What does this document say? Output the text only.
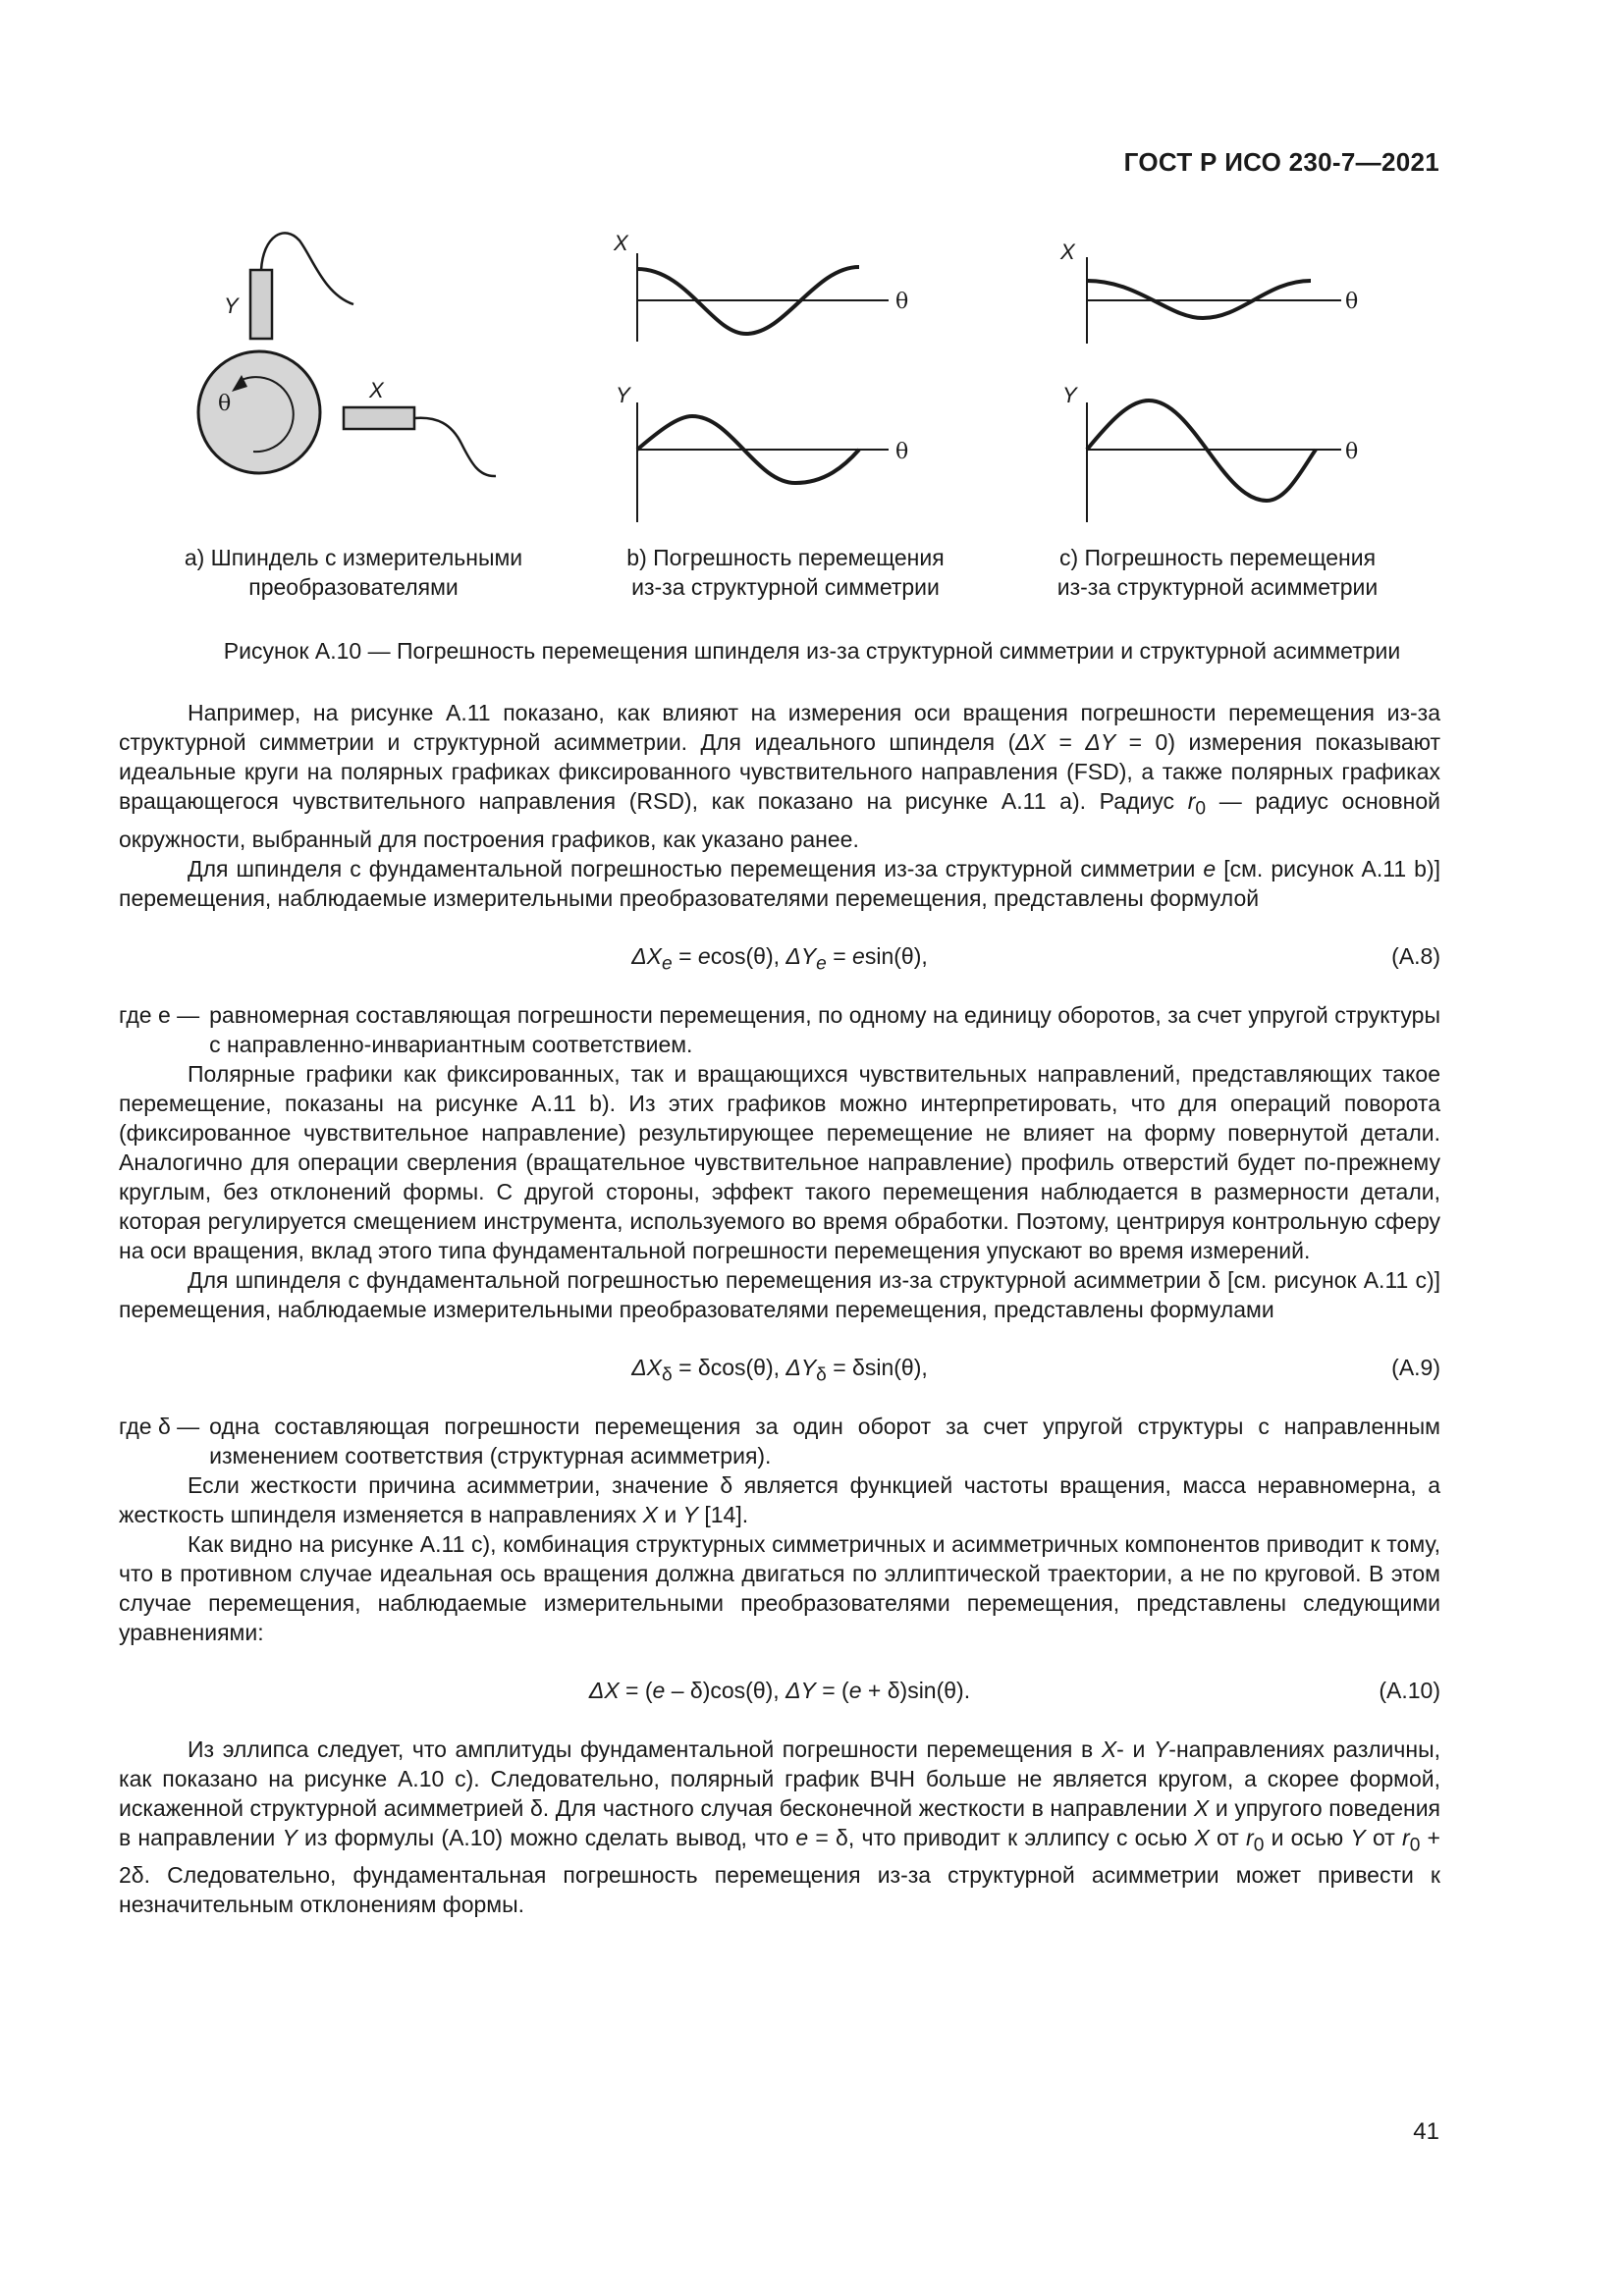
ГОСТ Р ИСО 230-7—2021
Y
X
θ
X
θ
Y
θ
X
θ
Y
θ
а) Шпиндель с измерительными
преобразователями
b) Погрешность перемещения
из-за структурной симметрии
c) Погрешность перемещения
из-за структурной асимметрии
Рисунок А.10 — Погрешность перемещения шпинделя из-за структурной симметрии и структурной асимметрии

Например, на рисунке А.11 показано, как влияют на измерения оси вращения погрешности перемещения из-за структурной симметрии и структурной асимметрии. Для идеального шпинделя (ΔX = ΔY = 0) измерения показывают идеальные круги на полярных графиках фиксированного чувствительного направления (FSD), а также полярных графиках вращающегося чувствительного направления (RSD), как показано на рисунке А.11 а). Радиус $r_0$ — радиус основной окружности, выбранный для построения графиков, как указано ранее.

Для шпинделя с фундаментальной погрешностью перемещения из-за структурной симметрии e [см. рисунок А.11 b)] перемещения, наблюдаемые измерительными преобразователями перемещения, представлены формулой

$\Delta X_e = ecos(\theta)$, $\Delta Y_e = esin(\theta)$,	(А.8)
где e — равномерная составляющая погрешности перемещения, по одному на единицу оборотов, за счет упругой структуры с направленно-инвариантным соответствием.

Полярные графики как фиксированных, так и вращающихся чувствительных направлений, представляющих такое перемещение, показаны на рисунке А.11 b). Из этих графиков можно интерпретировать, что для операций поворота (фиксированное чувствительное направление) результирующее перемещение не влияет на форму повернутой детали. Аналогично для операции сверления (вращательное чувствительное направление) профиль отверстий будет по-прежнему круглым, без отклонений формы. С другой стороны, эффект такого перемещения наблюдается в размерности детали, которая регулируется смещением инструмента, используемого во время обработки. Поэтому, центрируя контрольную сферу на оси вращения, вклад этого типа фундаментальной погрешности перемещения упускают во время измерений.

Для шпинделя с фундаментальной погрешностью перемещения из-за структурной асимметрии δ [см. рисунок А.11 с)] перемещения, наблюдаемые измерительными преобразователями перемещения, представлены формулами

$\Delta X_\delta = \delta\cos(\theta)$, $\Delta Y_\delta = \delta\sin(\theta)$,	(А.9)
где δ — одна составляющая погрешности перемещения за один оборот за счет упругой структуры с направленным изменением соответствия (структурная асимметрия).

Если жесткости причина асимметрии, значение δ является функцией частоты вращения, масса неравномерна, а жесткость шпинделя изменяется в направлениях X и Y [14].

Как видно на рисунке А.11 с), комбинация структурных симметричных и асимметричных компонентов приводит к тому, что в противном случае идеальная ось вращения должна двигаться по эллиптической траектории, а не по круговой. В этом случае перемещения, наблюдаемые измерительными преобразователями перемещения, представлены следующими уравнениями:

ΔX = (e – δ)cos(θ), ΔY = (e + δ)sin(θ).	(А.10)

Из эллипса следует, что амплитуды фундаментальной погрешности перемещения в X- и Y-направлениях различны, как показано на рисунке А.10 с). Следовательно, полярный график ВЧН больше не является кругом, а скорее формой, искаженной структурной асимметрией δ. Для частного случая бесконечной жесткости в направлении X и упругого поведения в направлении Y из формулы (А.10) можно сделать вывод, что e = δ, что приводит к эллипсу с осью X от $r_0$ и осью Y от $r_0 + 2\delta$. Следовательно, фундаментальная погрешность перемещения из-за структурной асимметрии может привести к незначительным отклонениям формы.

41
